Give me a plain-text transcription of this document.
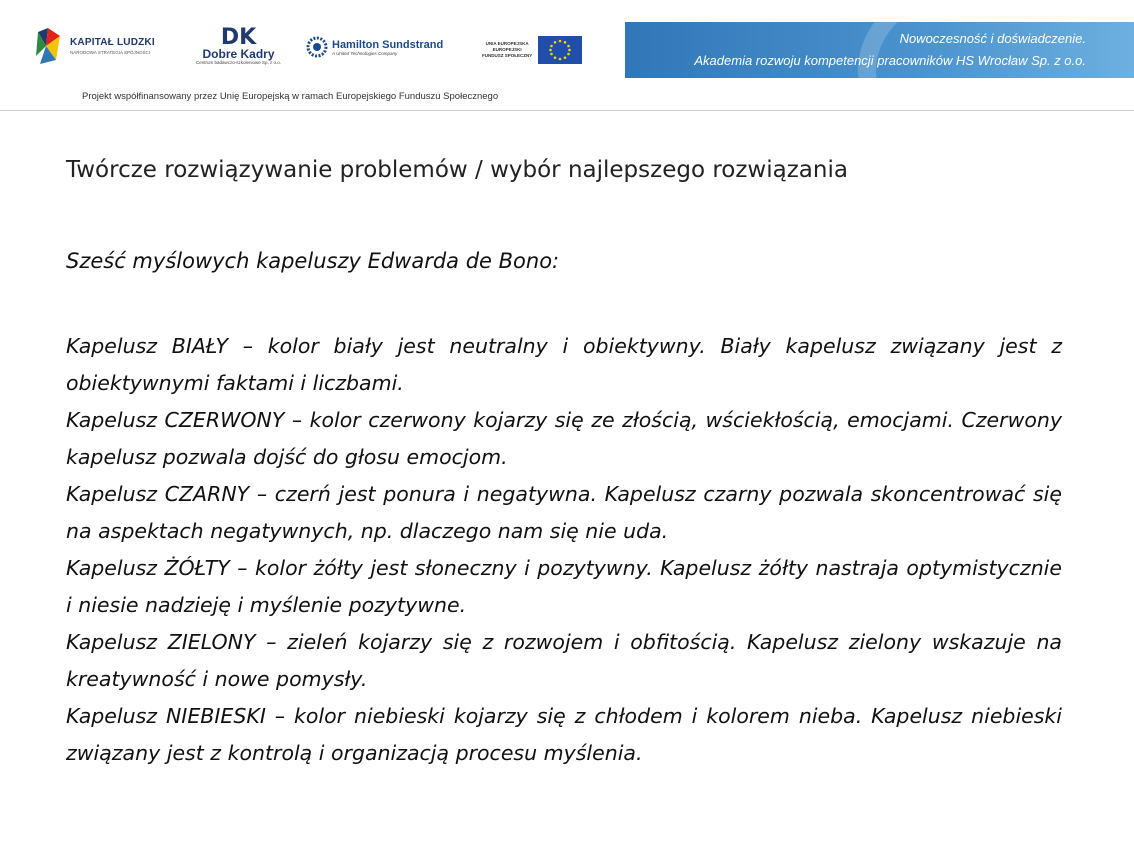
KAPITAŁ LUDZKI
NARODOWA STRATEGIA SPÓJNOŚCI
DK
Dobre Kadry
Centrum badawczo-szkoleniowe Sp. z o.o.
Hamilton Sundstrand
A United Technologies Company
UNIA EUROPEJSKA
EUROPEJSKI
FUNDUSZ SPOŁECZNY
Nowoczesność i doświadczenie.
Akademia rozwoju kompetencji pracowników HS Wrocław Sp. z o.o.
Projekt współfinansowany przez Unię Europejską w ramach Europejskiego Funduszu Społecznego
Twórcze rozwiązywanie problemów / wybór najlepszego rozwiązania

Sześć myślowych kapeluszy Edwarda de Bono:

Kapelusz BIAŁY – kolor biały jest neutralny i obiektywny. Biały kapelusz związany jest z obiektywnymi faktami i liczbami.

Kapelusz CZERWONY – kolor czerwony kojarzy się ze złością, wściekłością, emocjami. Czerwony kapelusz pozwala dojść do głosu emocjom.

Kapelusz CZARNY – czerń jest ponura i negatywna. Kapelusz czarny pozwala skoncentrować się na aspektach negatywnych, np. dlaczego nam się nie uda.

Kapelusz ŻÓŁTY – kolor żółty jest słoneczny i pozytywny. Kapelusz żółty nastraja optymistycznie i niesie nadzieję i myślenie pozytywne.

Kapelusz ZIELONY – zieleń kojarzy się z rozwojem i obfitością. Kapelusz zielony wskazuje na kreatywność i nowe pomysły.

Kapelusz NIEBIESKI – kolor niebieski kojarzy się z chłodem i kolorem nieba. Kapelusz niebieski związany jest z kontrolą i organizacją procesu myślenia.
